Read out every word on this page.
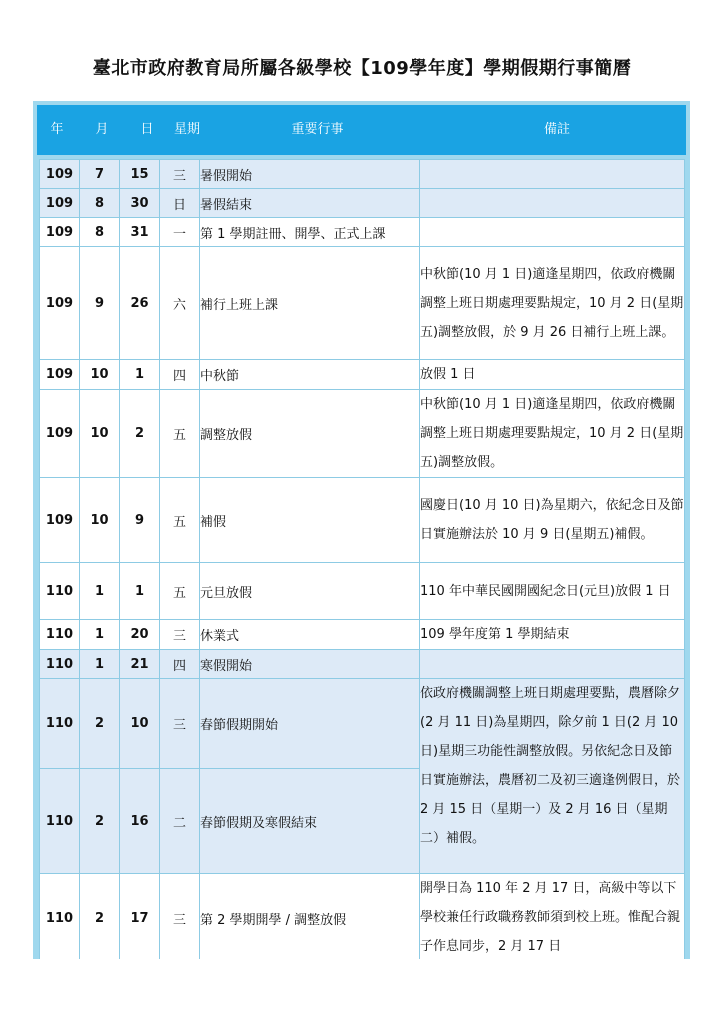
臺北市政府教育局所屬各級學校【109學年度】學期假期行事簡曆
年	月	日	星期	重要行事	備註
109	7	15	三	暑假開始	
109	8	30	日	暑假結束	
109	8	31	一	第 1 學期註冊、開學、正式上課	
109	9	26	六	補行上班上課	中秋節(10 月 1 日)適逢星期四，依政府機關調整上班日期處理要點規定，10 月 2 日(星期五)調整放假，於 9 月 26 日補行上班上課。
109	10	1	四	中秋節	放假 1 日
109	10	2	五	調整放假	中秋節(10 月 1 日)適逢星期四，依政府機關調整上班日期處理要點規定，10 月 2 日(星期五)調整放假。
109	10	9	五	補假	國慶日(10 月 10 日)為星期六，依紀念日及節日實施辦法於 10 月 9 日(星期五)補假。
110	1	1	五	元旦放假	110 年中華民國開國紀念日(元旦)放假 1 日
110	1	20	三	休業式	109 學年度第 1 學期結束
110	1	21	四	寒假開始	
110	2	10	三	春節假期開始	依政府機關調整上班日期處理要點，農曆除夕(2 月 11 日)為星期四，除夕前 1 日(2 月 10 日)星期三功能性調整放假。另依紀念日及節日實施辦法，農曆初二及初三適逢例假日，於 2 月 15 日（星期一）及 2 月 16 日（星期二）補假。
110	2	16	二	春節假期及寒假結束	
110	2	17	三	第 2 學期開學 / 調整放假	開學日為 110 年 2 月 17 日，高級中等以下學校兼任行政職務教師須到校上班。惟配合親子作息同步，2 月 17 日
